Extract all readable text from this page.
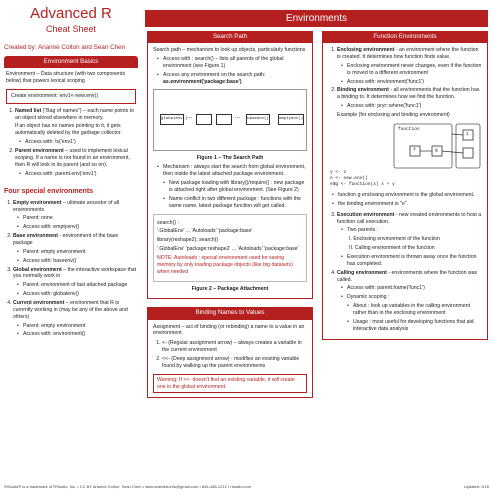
Advanced R
Cheat Sheet
Created by: Arianne Colton and Sean Chen
Environment Basics
Environment – Data structure (with two components below) that powers lexical scoping
Create environment: env1<-new.env()
1. Named list (“Bag of names”) – each name points to an object stored elsewhere in memory.
If an object has no names pointing to it, it gets automatically deleted by the garbage collector.
• Access with: ls('env1')
2. Parent environment – used to implement lexical scoping. If a name is not found in an environment, then R will look in its parent (and so on).
• Access with: parent.env('env1')
Four special environments
1. Empty environment – ultimate ancestor of all environments
• Parent: none
• Access with: emptyenv()
2. Base environment - environment of the base package
• Parent: empty environment
• Access with: baseenv()
3. Global environment – the interactive workspace that you normally work in
• Parent: environment of last attached package
• Access with: globalenv()
4. Current environment – environment that R is currently working in (may be any of the above and others)
• Parent: empty environment
• Access with: environment()
Environments
Search Path
Search path – mechanism to look up objects, particularly functions
• Access with : search() – lists all parents of the global environment (see Figure 1)
• Access any environment on the search path:
as.environment('package:base')
globalenv() ...	... baseenv()	emptyenv()
Figure 1 – The Search Path
• Mechanism : always start the search from global environment, then inside the latest attached package environment.
• New package loading with library()/require() : new package is attached right after global environment. (See Figure 2)
• Name conflict in two different package : functions with the same name, latest package function will get called.
search() :
'.GlobalEnv' ... 'Autoloads' 'package:base'
library(reshape2); search()
'.GlobalEnv' 'package:reshape2' ... 'Autoloads' 'package:base'
NOTE: Autoloads : special environment used for saving memory by only loading package objects (like big datasets) when needed
Figure 2 – Package Attachment
Binding Names to Values
Assignment – act of binding (or rebinding) a name to a value in an environment.
1. <- (Regular assignment arrow) – always creates a variable in the current environment
2. <<- (Deep assignment arrow) - modifies an existing variable found by walking up the parent environments
Warning: If <<- doesn't find an existing variable, it will create one in the global environment.
Function Environments
1. Enclosing environment - an environment where the function is created. It determines how function finds value.
• Enclosing environment never changes, even if the function is moved to a different environment
• Access with: environment('func1')
2. Binding environment - all environments that the function has a binding to. It determines how we find the function.
• Access with: pryr::where('func1')
Example (for enclosing and binding environment)
function
f	g
1
y <- 1
e <- new.env()
e$g <- function(x) x + y
• function g enclosing environment is the global environment,
• the binding environment is "e".
3. Execution environment - new created environments to host a function call execution.
• Two parents :
I. Enclosing environment of the function
II. Calling environment of the function
• Execution environment is thrown away once the function has completed.
4. Calling environment - environments where the function was called.
• Access with: parent.frame('func1')
• Dynamic scoping :
• About : look up variables in the calling environment rather than in the enclosing environment
• Usage : most useful for developing functions that aid interactive data analysis
RStudio® is a trademark of RStudio, Inc. • CC BY Arianne Colton, Sean Chen • data.scientist.info@gmail.com • 844-448-1212 • rstudio.com	Updated: 2/16
